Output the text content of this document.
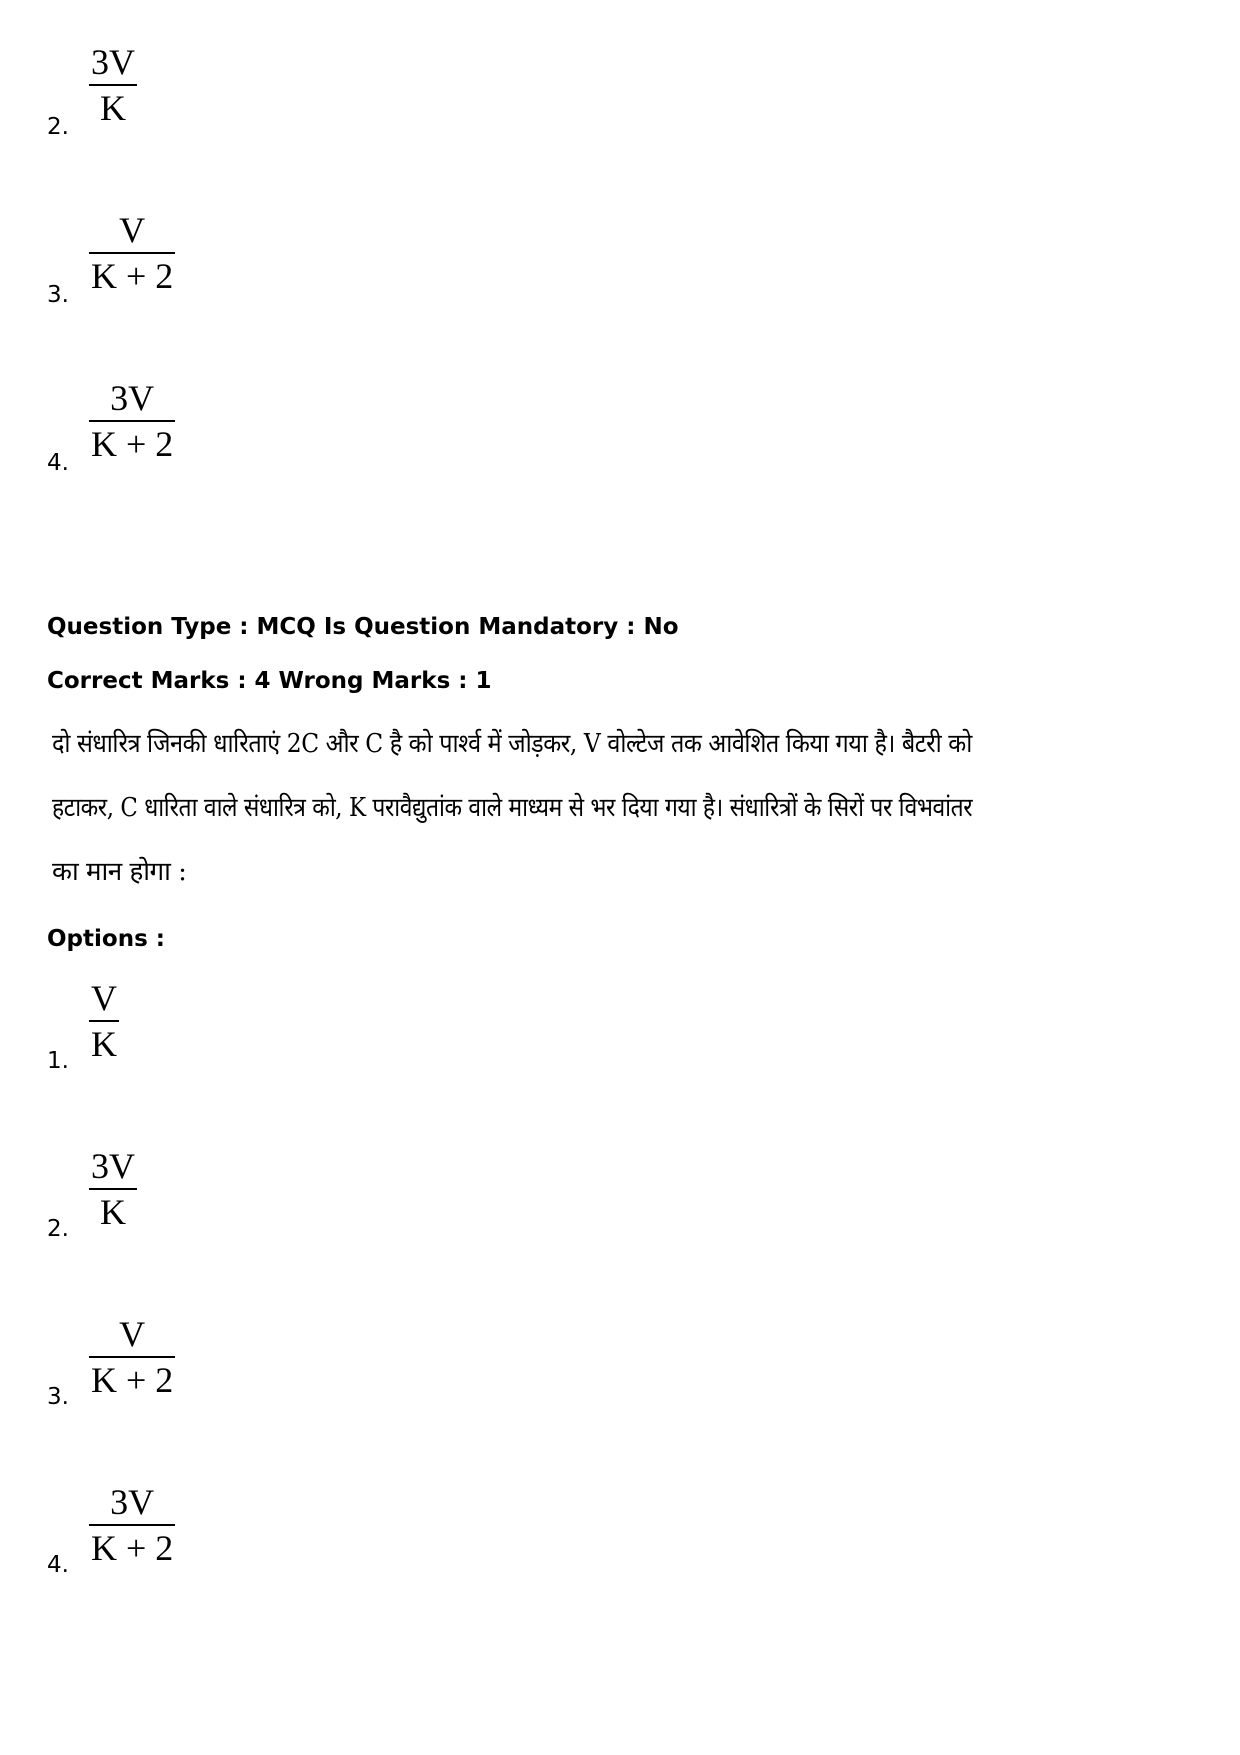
2.
3V
K
3.
V
K + 2
4.
3V
K + 2
Question Type : MCQ Is Question Mandatory : No
Correct Marks : 4 Wrong Marks : 1
दो संधारित्र जिनकी धारिताएं 2C और C है को पार्श्व में जोड़कर, V वोल्टेज तक आवेशित किया गया है। बैटरी को
हटाकर, C धारिता वाले संधारित्र को, K परावैद्युतांक वाले माध्यम से भर दिया गया है। संधारित्रों के सिरों पर विभवांतर
का मान होगा :
Options :
1.
V
K
2.
3V
K
3.
V
K + 2
4.
3V
K + 2
